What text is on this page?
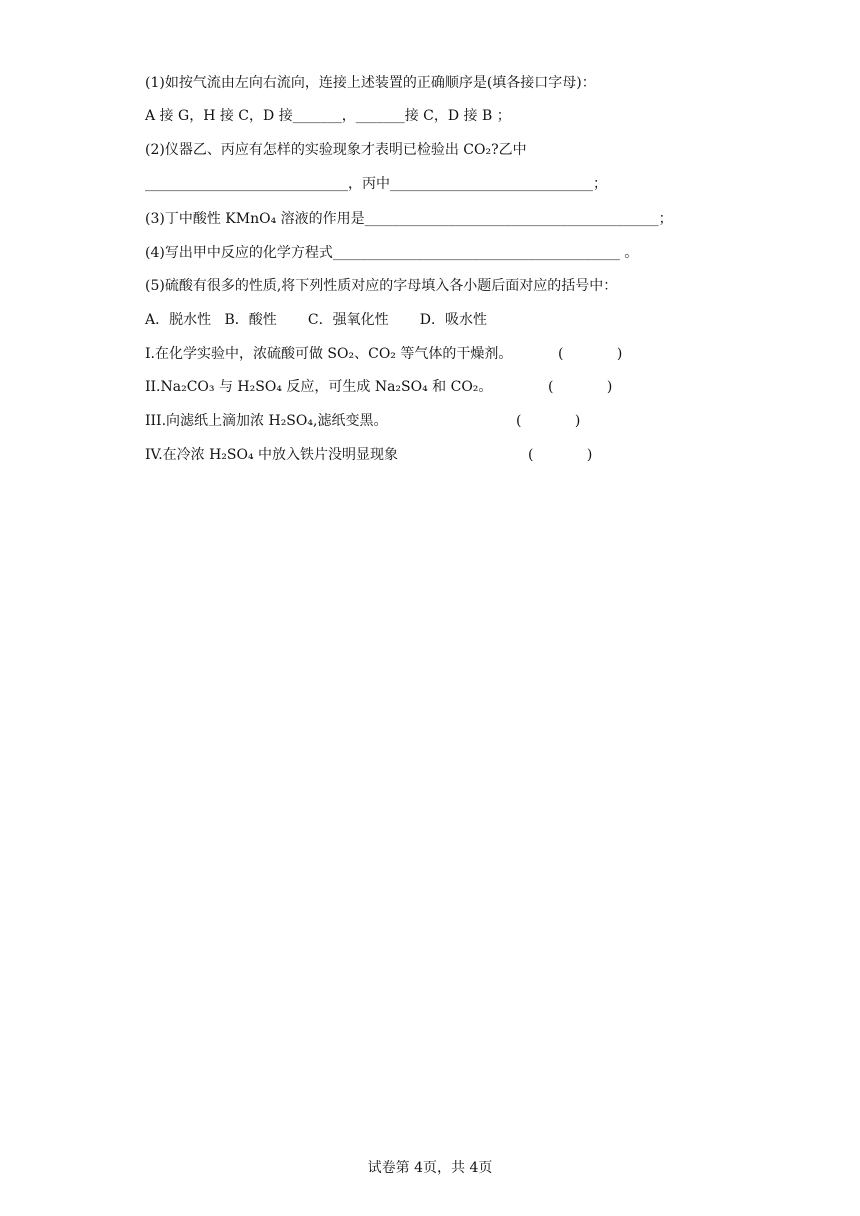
(1)如按气流由左向右流向，连接上述装置的正确顺序是(填各接口字母)：
A 接 G，H 接 C，D 接_______，_______接 C，D 接 B ；
(2)仪器乙、丙应有怎样的实验现象才表明已检验出 CO₂?乙中
_____________________________，丙中_____________________________；
(3)丁中酸性 KMnO₄ 溶液的作用是__________________________________________；
(4)写出甲中反应的化学方程式_________________________________________ 。
(5)硫酸有很多的性质,将下列性质对应的字母填入各小题后面对应的括号中：
A．脱水性   B．酸性       C．强氧化性       D．吸水性
I.在化学实验中，浓硫酸可做 SO₂、CO₂ 等气体的干燥剂。	(            )
II.Na₂CO₃ 与 H₂SO₄ 反应，可生成 Na₂SO₄ 和 CO₂。	(            )
III.向滤纸上滴加浓 H₂SO₄,滤纸变黑。	(            )
IV.在冷浓 H₂SO₄ 中放入铁片没明显现象	(            )
试卷第 4页，共 4页
